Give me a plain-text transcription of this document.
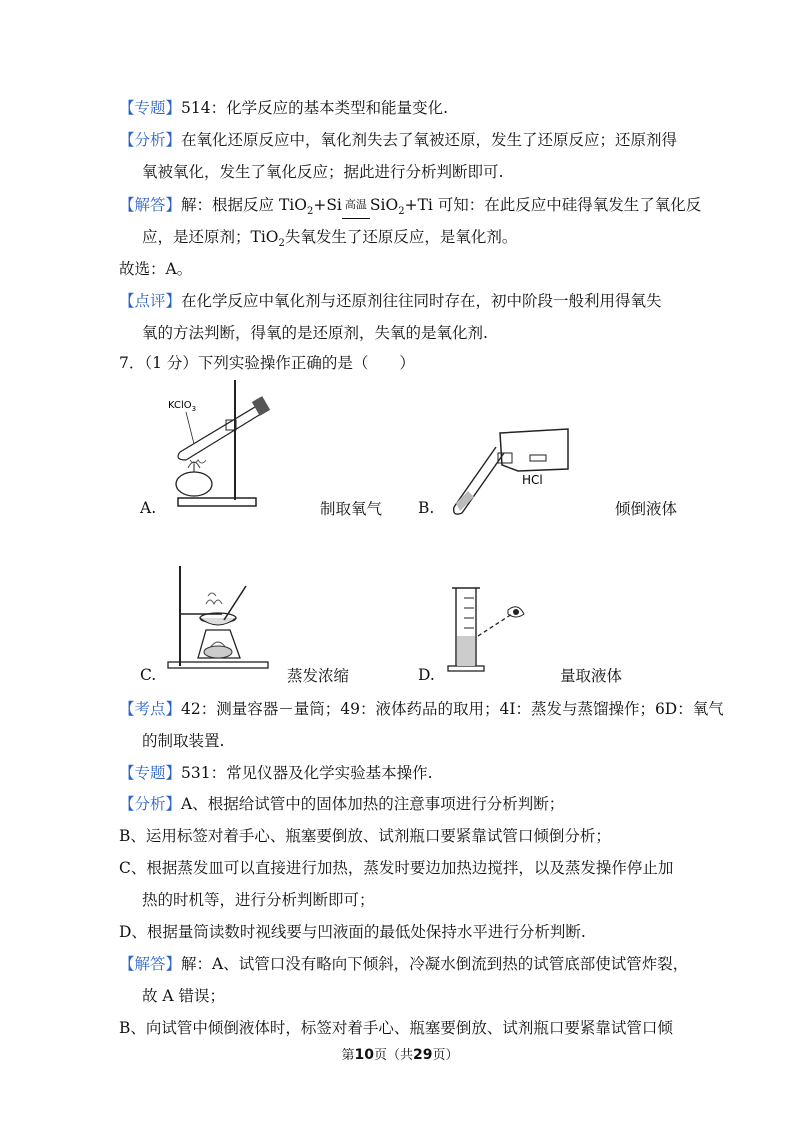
【专题】514：化学反应的基本类型和能量变化.
【分析】在氧化还原反应中，氧化剂失去了氧被还原，发生了还原反应；还原剂得
氧被氧化，发生了氧化反应；据此进行分析判断即可.
【解答】解：根据反应 TiO$_2$+Si 高温 SiO$_2$+Ti 可知：在此反应中硅得氧发生了氧化反
应，是还原剂；TiO$_2$失氧发生了还原反应，是氧化剂。
故选：A。
【点评】在化学反应中氧化剂与还原剂往往同时存在，初中阶段一般利用得氧失
氧的方法判断，得氧的是还原剂，失氧的是氧化剂.
7．（1 分）下列实验操作正确的是（　　）
KClO$_3$
A.	制取氧气
HCl
B.	倾倒液体
C.	蒸发浓缩	D.	量取液体
【考点】42：测量容器－量筒；49：液体药品的取用；4I：蒸发与蒸馏操作；6D：氧气
的制取装置.
【专题】531：常见仪器及化学实验基本操作.
【分析】A、根据给试管中的固体加热的注意事项进行分析判断；
B、运用标签对着手心、瓶塞要倒放、试剂瓶口要紧靠试管口倾倒分析；
C、根据蒸发皿可以直接进行加热，蒸发时要边加热边搅拌，以及蒸发操作停止加
热的时机等，进行分析判断即可；
D、根据量筒读数时视线要与凹液面的最低处保持水平进行分析判断.
【解答】解：A、试管口没有略向下倾斜，冷凝水倒流到热的试管底部使试管炸裂，
故 A 错误；
B、向试管中倾倒液体时，标签对着手心、瓶塞要倒放、试剂瓶口要紧靠试管口倾
第10页（共29页）
